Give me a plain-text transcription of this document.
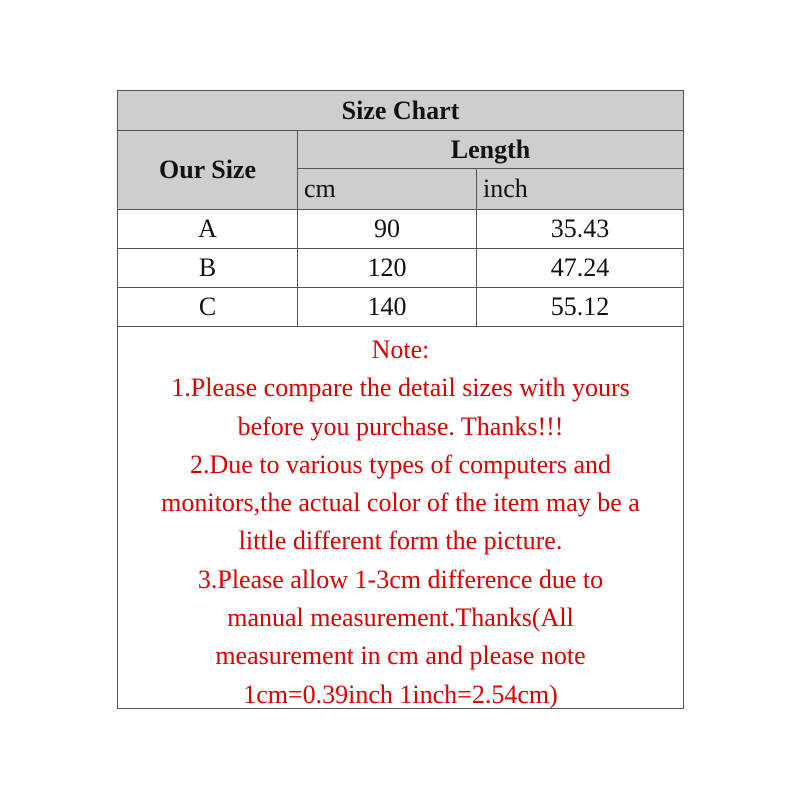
Size Chart
Our Size
Length
cm	inch
A	90	35.43
B	120	47.24
C	140	55.12
Note:
1.Please compare the detail sizes with yours
before you purchase. Thanks!!!
2.Due to various types of computers and
monitors,the actual color of the item may be a
little different form the picture.
3.Please allow 1-3cm difference due to
manual measurement.Thanks(All
measurement in cm and please note
1cm=0.39inch 1inch=2.54cm)
